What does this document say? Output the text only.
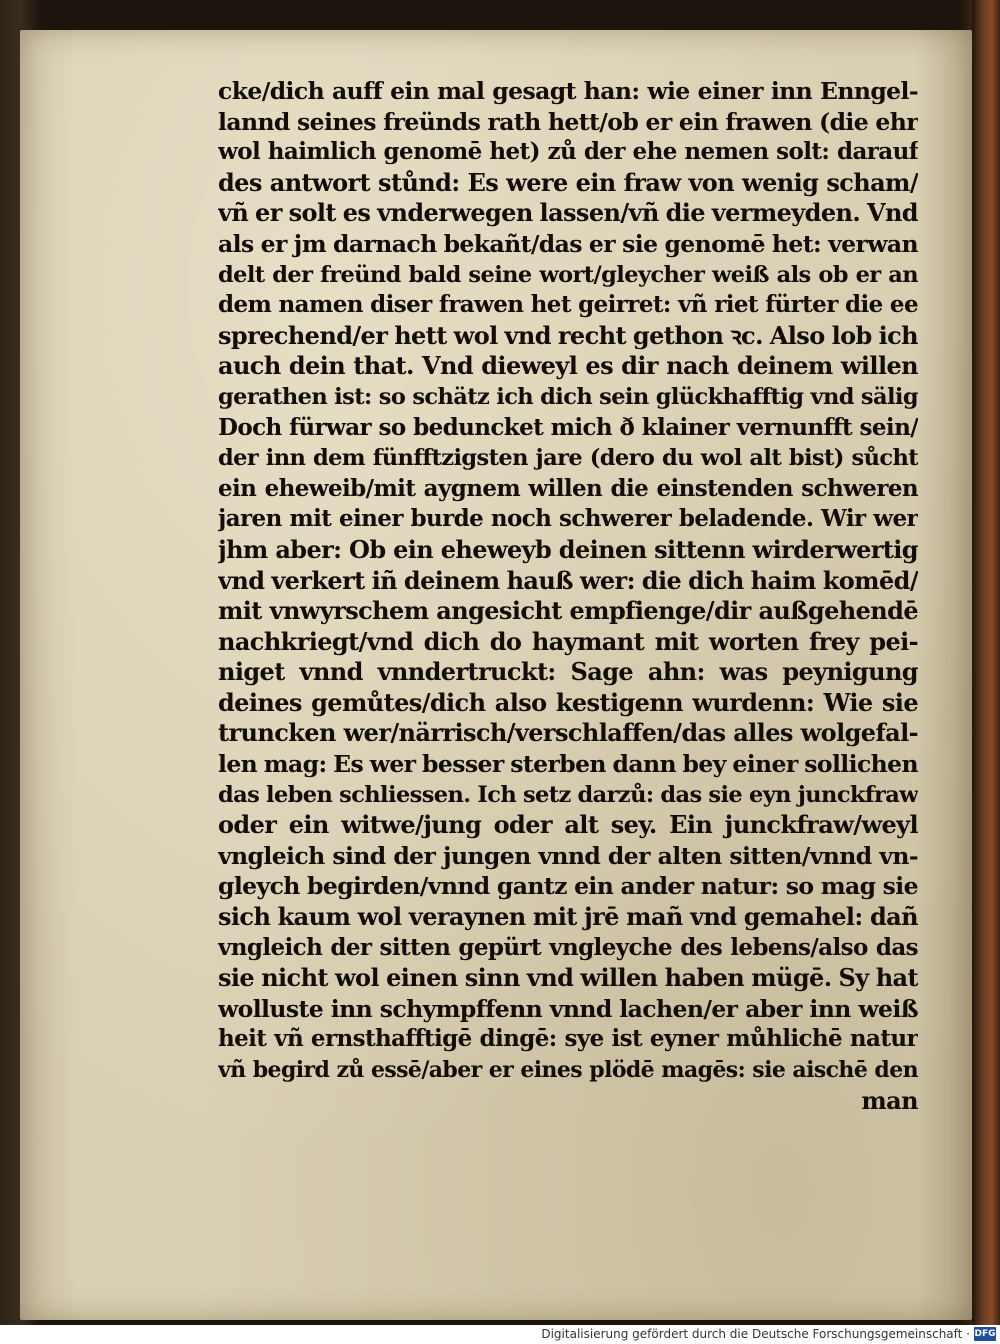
cke/dich auff ein mal gesagt han: wie einer inn Enngel-
lannd seines freünds rath hett/ob er ein frawen (die ehr
wol haimlich genomē het) zů der ehe nemen solt: darauf
des antwort stůnd: Es were ein fraw von wenig scham/
vñ er solt es vnderwegen lassen/vñ die vermeyden. Vnd
als er jm darnach bekañt/das er sie genomē het: verwan
delt der freünd bald seine wort/gleycher weiß als ob er an
dem namen diser frawen het geirret: vñ riet fürter die ee
sprechend/er hett wol vnd recht gethon ꝛc. Also lob ich
auch dein that. Vnd dieweyl es dir nach deinem willen
gerathen ist: so schätz ich dich sein glückhafftig vnd sälig
Doch fürwar so beduncket mich ð klainer vernunfft sein/
der inn dem fünfftzigsten jare (dero du wol alt bist) sůcht
ein eheweib/mit aygnem willen die einstenden schweren
jaren mit einer burde noch schwerer beladende. Wir wer
jhm aber: Ob ein eheweyb deinen sittenn wirderwertig
vnd verkert iñ deinem hauß wer: die dich haim komēd/
mit vnwyrschem angesicht empfienge/dir außgehendē
nachkriegt/vnd dich do haymant mit worten frey pei-
niget vnnd vnndertruckt: Sage ahn: was peynigung
deines gemůtes/dich also kestigenn wurdenn: Wie sie
truncken wer/närrisch/verschlaffen/das alles wolgefal-
len mag: Es wer besser sterben dann bey einer sollichen
das leben schliessen. Ich setz darzů: das sie eyn junckfraw
oder ein witwe/jung oder alt sey. Ein junckfraw/weyl
vngleich sind der jungen vnnd der alten sitten/vnnd vn-
gleych begirden/vnnd gantz ein ander natur: so mag sie
sich kaum wol veraynen mit jrē mañ vnd gemahel: dañ
vngleich der sitten gepürt vngleyche des lebens/also das
sie nicht wol einen sinn vnd willen haben mügē. Sy hat
wolluste inn schympffenn vnnd lachen/er aber inn weiß
heit vñ ernsthafftigē dingē: sye ist eyner můhlichē natur
vñ begird zů essē/aber er eines plödē magēs: sie aischē den
man
Digitalisierung gefördert durch die Deutsche Forschungsgemeinschaft · DFG
